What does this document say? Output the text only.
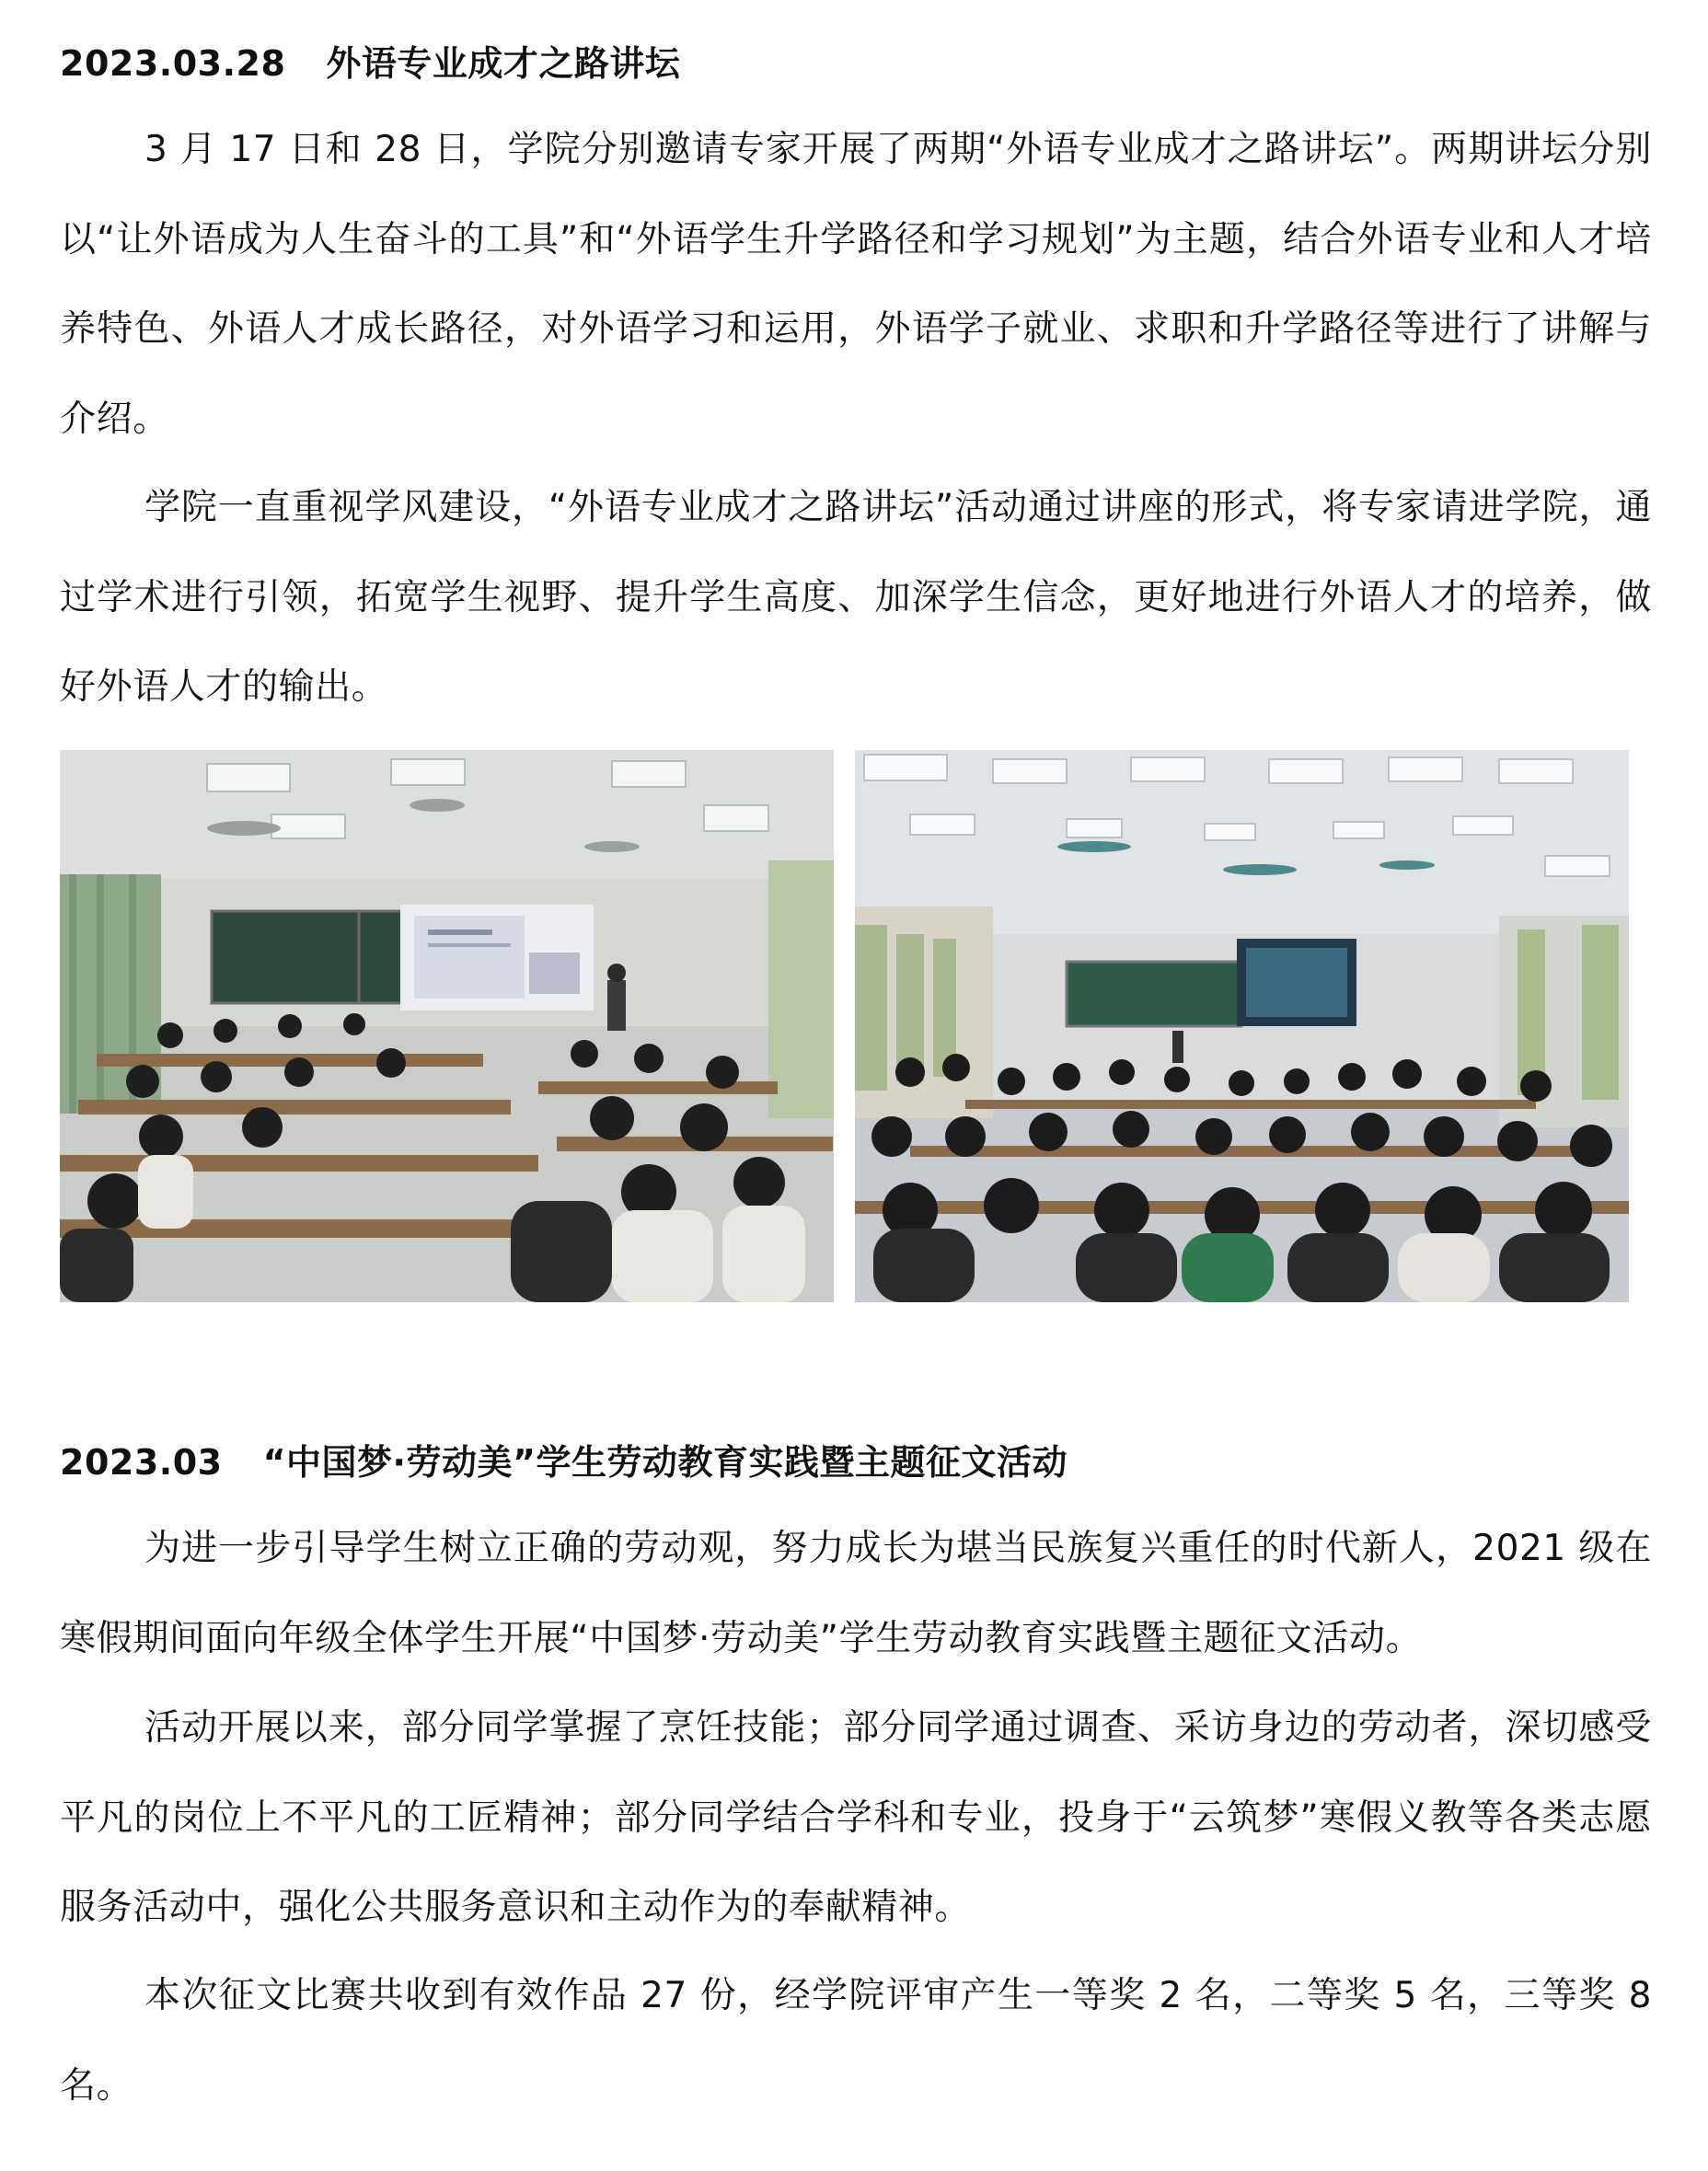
2023.03.28 外语专业成才之路讲坛

3 月 17 日和 28 日，学院分别邀请专家开展了两期“外语专业成才之路讲坛”。两期讲坛分别以“让外语成为人生奋斗的工具”和“外语学生升学路径和学习规划”为主题，结合外语专业和人才培养特色、外语人才成长路径，对外语学习和运用，外语学子就业、求职和升学路径等进行了讲解与介绍。

学院一直重视学风建设，“外语专业成才之路讲坛”活动通过讲座的形式，将专家请进学院，通过学术进行引领，拓宽学生视野、提升学生高度、加深学生信念，更好地进行外语人才的培养，做好外语人才的输出。

2023.03 “中国梦·劳动美”学生劳动教育实践暨主题征文活动

为进一步引导学生树立正确的劳动观，努力成长为堪当民族复兴重任的时代新人，2021 级在寒假期间面向年级全体学生开展“中国梦·劳动美”学生劳动教育实践暨主题征文活动。

活动开展以来，部分同学掌握了烹饪技能；部分同学通过调查、采访身边的劳动者，深切感受平凡的岗位上不平凡的工匠精神；部分同学结合学科和专业，投身于“云筑梦”寒假义教等各类志愿服务活动中，强化公共服务意识和主动作为的奉献精神。

本次征文比赛共收到有效作品 27 份，经学院评审产生一等奖 2 名，二等奖 5 名，三等奖 8 名。
